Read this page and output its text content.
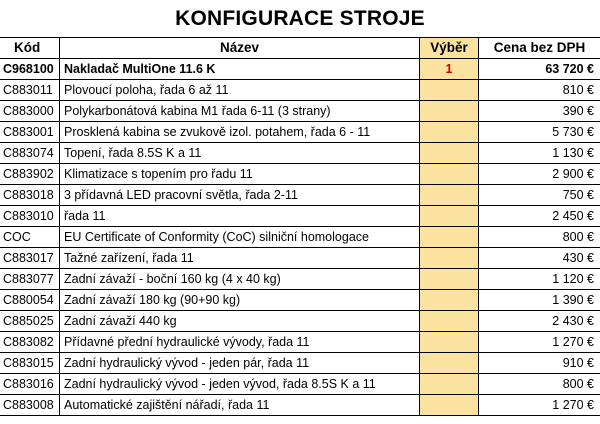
KONFIGURACE STROJE
Kód	Název	Výběr	Cena bez DPH
C968100	Nakladač MultiOne 11.6 K	1	63 720 €
C883011	Plovoucí poloha, řada 6 až 11		810 €
C883000	Polykarbonátová kabina M1 řada 6-11 (3 strany)		390 €
C883001	Prosklená kabina se zvukově izol. potahem, řada 6 - 11		5 730 €
C883074	Topení, řada 8.5S K a 11		1 130 €
C883902	Klimatizace s topením pro řadu 11		2 900 €
C883018	3 přídavná LED pracovní světla, řada 2-11		750 €
C883010	řada 11		2 450 €
COC	EU Certificate of Conformity (CoC) silniční homologace		800 €
C883017	Tažné zařízení, řada 11		430 €
C883077	Zadní závaží - boční 160 kg (4 x 40 kg)		1 120 €
C880054	Zadní závaží 180 kg (90+90 kg)		1 390 €
C885025	Zadní závaží 440 kg		2 430 €
C883082	Přídavné přední hydraulické vývody, řada 11		1 270 €
C883015	Zadní hydraulický vývod - jeden pár, řada 11		910 €
C883016	Zadní hydraulický vývod - jeden vývod, řada 8.5S K a 11		800 €
C883008	Automatické zajištění nářadí, řada 11		1 270 €
